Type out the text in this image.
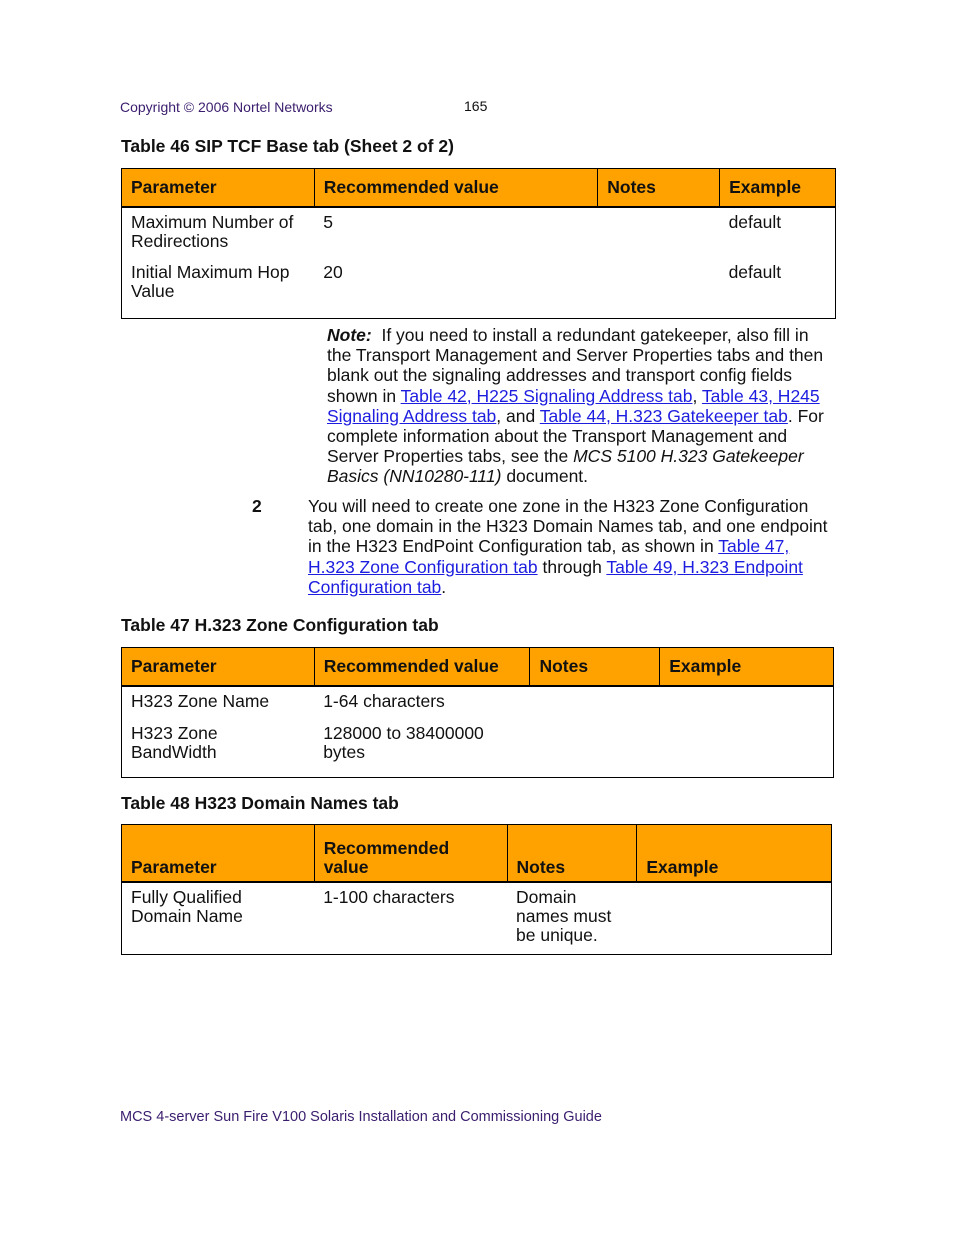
Copyright © 2006 Nortel Networks	165
Table 46 SIP TCF Base tab (Sheet 2 of 2)
Parameter	Recommended value	Notes	Example
Maximum Number of Redirections	5		default
Initial Maximum Hop Value	20		default
Note: If you need to install a redundant gatekeeper, also fill in the Transport Management and Server Properties tabs and then blank out the signaling addresses and transport config fields shown in Table 42, H225 Signaling Address tab, Table 43, H245 Signaling Address tab, and Table 44, H.323 Gatekeeper tab. For complete information about the Transport Management and Server Properties tabs, see the MCS 5100 H.323 Gatekeeper Basics (NN10280-111) document.
2	You will need to create one zone in the H323 Zone Configuration tab, one domain in the H323 Domain Names tab, and one endpoint in the H323 EndPoint Configuration tab, as shown in Table 47, H.323 Zone Configuration tab through Table 49, H.323 Endpoint Configuration tab.
Table 47 H.323 Zone Configuration tab
Parameter	Recommended value	Notes	Example
H323 Zone Name	1-64 characters		
H323 Zone BandWidth	128000 to 38400000 bytes		
Table 48 H323 Domain Names tab
Parameter	Recommended value	Notes	Example
Fully Qualified Domain Name	1-100 characters	Domain names must be unique.	
MCS 4-server Sun Fire V100 Solaris Installation and Commissioning Guide
